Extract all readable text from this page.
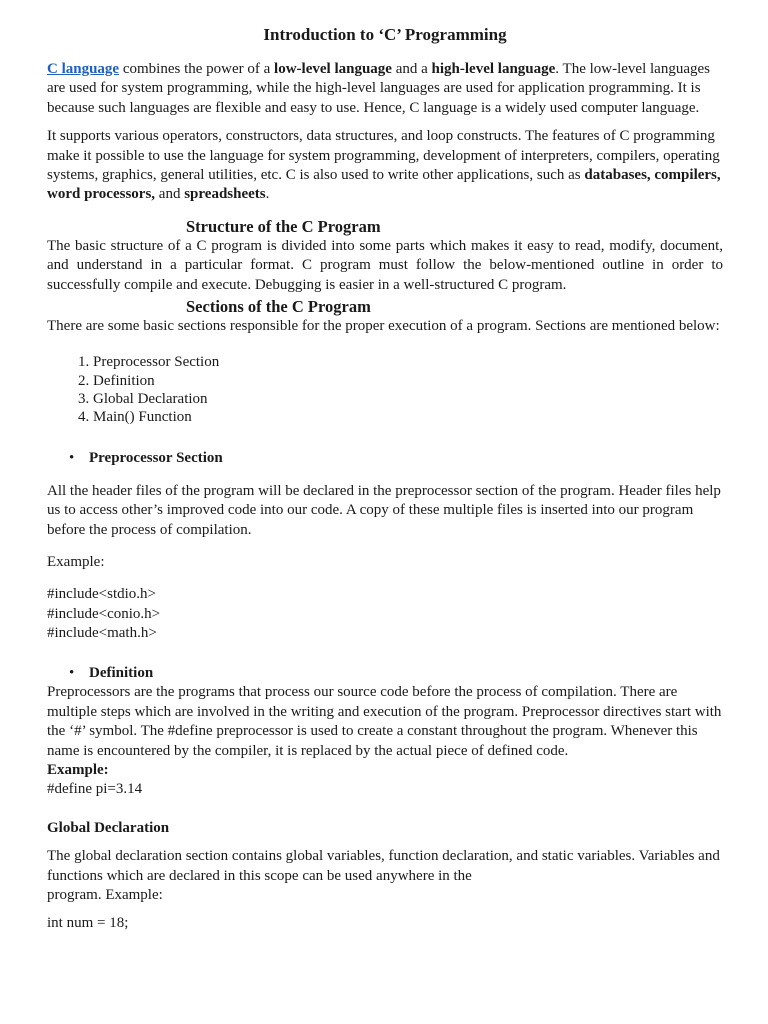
Introduction to ‘C’ Programming

C language combines the power of a low-level language and a high-level language. The low-level languages are used for system programming, while the high-level languages are used for application programming. It is because such languages are flexible and easy to use. Hence, C language is a widely used computer language.

It supports various operators, constructors, data structures, and loop constructs. The features of C programming make it possible to use the language for system programming, development of interpreters, compilers, operating systems, graphics, general utilities, etc. C is also used to write other applications, such as databases, compilers, word processors, and spreadsheets.

Structure of the C Program

The basic structure of a C program is divided into some parts which makes it easy to read, modify, document, and understand in a particular format. C program must follow the below-mentioned outline in order to successfully compile and execute. Debugging is easier in a well-structured C program.

Sections of the C Program

There are some basic sections responsible for the proper execution of a program. Sections are mentioned below:

1. Preprocessor Section
2. Definition
3. Global Declaration
4. Main() Function
• Preprocessor Section

All the header files of the program will be declared in the preprocessor section of the program. Header files help us to access other’s improved code into our code. A copy of these multiple files is inserted into our program before the process of compilation.

Example:

#include<stdio.h>

#include<conio.h>

#include<math.h>

• Definition

Preprocessors are the programs that process our source code before the process of compilation. There are multiple steps which are involved in the writing and execution of the program. Preprocessor directives start with the ‘#’ symbol. The #define preprocessor is used to create a constant throughout the program. Whenever this name is encountered by the compiler, it is replaced by the actual piece of defined code.

Example:

#define pi=3.14

Global Declaration

The global declaration section contains global variables, function declaration, and static variables. Variables and functions which are declared in this scope can be used anywhere in the

program. Example:

int num = 18;
